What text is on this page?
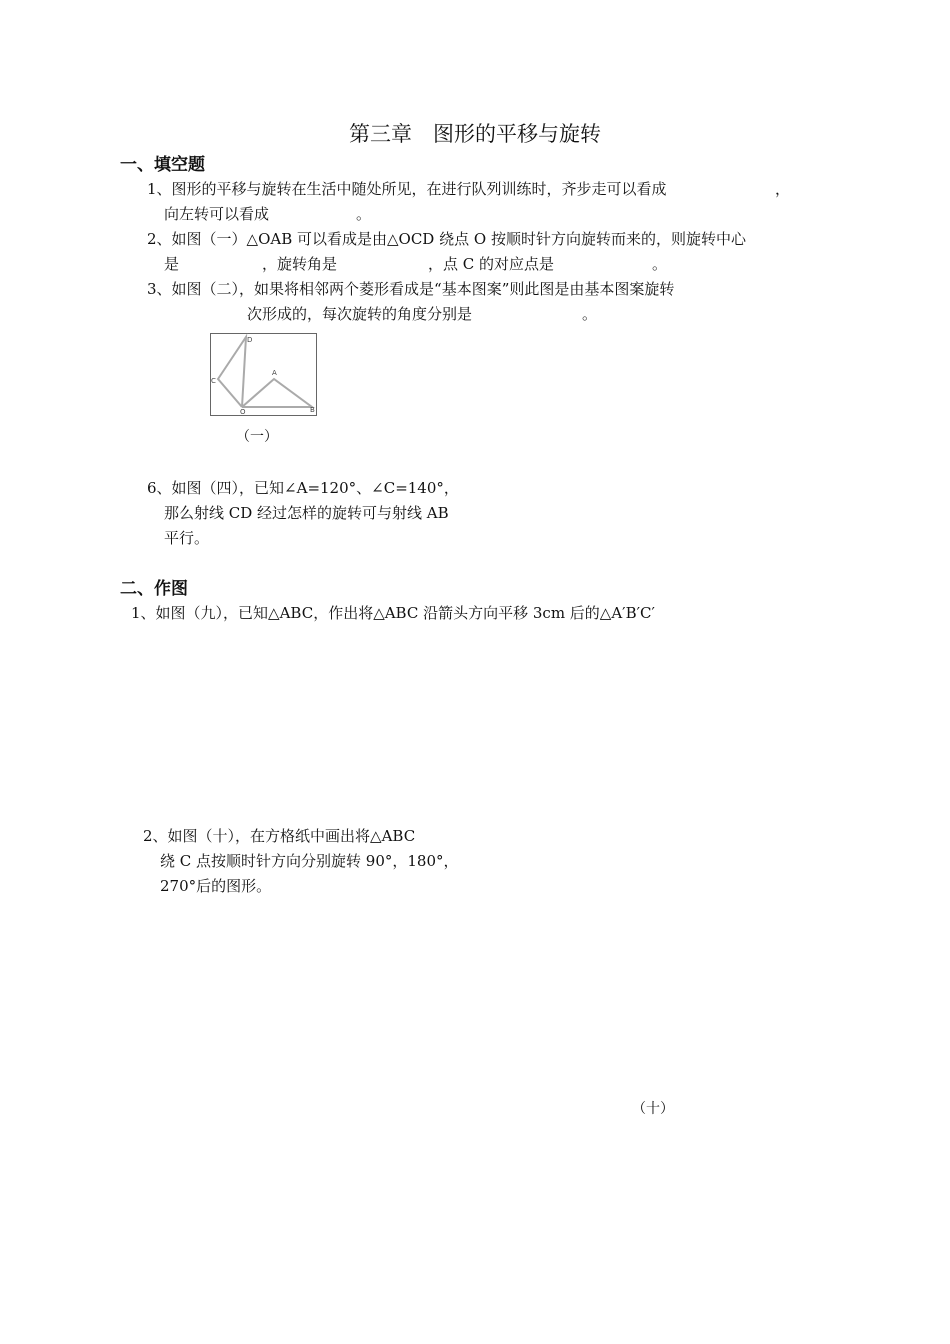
第三章　图形的平移与旋转
一、填空题
1、图形的平移与旋转在生活中随处所见，在进行队列训练时，齐步走可以看成	，
向左转可以看成	。
2、如图（一）△OAB 可以看成是由△OCD 绕点 O 按顺时针方向旋转而来的，则旋转中心
是	，旋转角是	，点 C 的对应点是	。
3、如图（二），如果将相邻两个菱形看成是“基本图案”则此图是由基本图案旋转
次形成的，每次旋转的角度分别是	。
D
C
A
O	B
（一）
6、如图（四），已知∠A=120°、∠C=140°，
那么射线 CD 经过怎样的旋转可与射线 AB
平行。
二、作图
1、如图（九），已知△ABC，作出将△ABC 沿箭头方向平移 3cm 后的△A′B′C′
2、如图（十），在方格纸中画出将△ABC
绕 C 点按顺时针方向分别旋转 90°，180°，
270°后的图形。
（十）
